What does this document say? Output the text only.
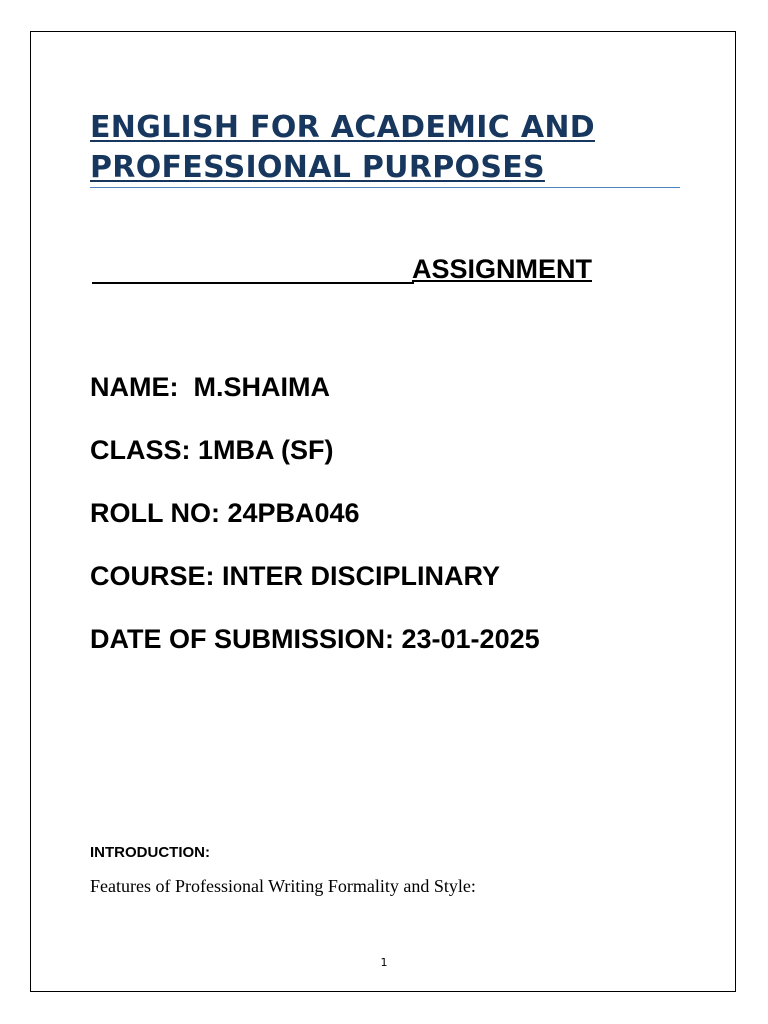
ENGLISH FOR ACADEMIC AND PROFESSIONAL PURPOSES

ASSIGNMENT

NAME:  M.SHAIMA

CLASS: 1MBA (SF)

ROLL NO: 24PBA046

COURSE: INTER DISCIPLINARY

DATE OF SUBMISSION: 23-01-2025

INTRODUCTION:

Features of Professional Writing Formality and Style:

1
